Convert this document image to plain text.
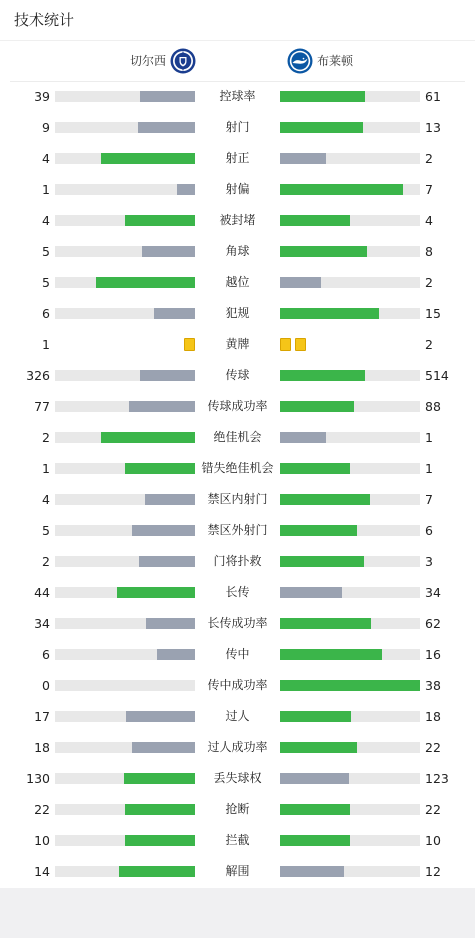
技术统计
切尔西	布莱顿
39	控球率	61
9	射门	13
4	射正	2
1	射偏	7
4	被封堵	4
5	角球	8
5	越位	2
6	犯规	15
1	黄牌	2
326	传球	514
77	传球成功率	88
2	绝佳机会	1
1	错失绝佳机会	1
4	禁区内射门	7
5	禁区外射门	6
2	门将扑救	3
44	长传	34
34	长传成功率	62
6	传中	16
0	传中成功率	38
17	过人	18
18	过人成功率	22
130	丢失球权	123
22	抢断	22
10	拦截	10
14	解围	12
